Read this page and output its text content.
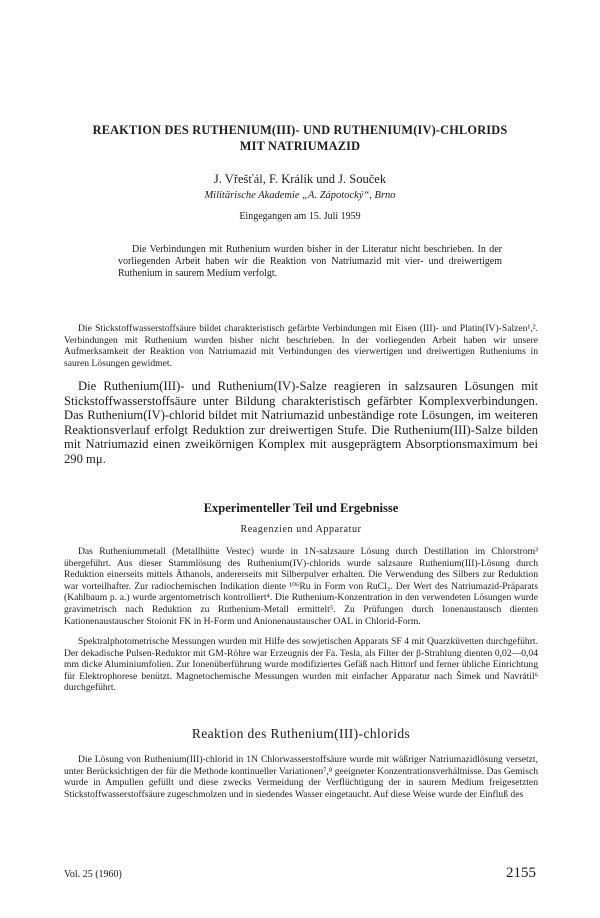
REAKTION DES RUTHENIUM(III)- UND RUTHENIUM(IV)-CHLORIDS
MIT NATRIUMAZID
J. Vřešťál, F. Králík und J. Souček
Militärische Akademie „A. Zápotocký“, Brno
Eingegangen am 15. Juli 1959

Die Verbindungen mit Ruthenium wurden bisher in der Literatur nicht beschrieben. In der vorliegenden Arbeit haben wir die Reaktion von Natriumazid mit vier- und dreiwertigem Ruthenium in saurem Medium verfolgt.

Die Stickstoffwasserstoffsäure bildet charakteristisch gefärbte Verbindungen mit Eisen (III)- und Platin(IV)-Salzen¹,². Verbindungen mit Ruthenium wurden bisher nicht beschrieben. In der vorliegenden Arbeit haben wir unsere Aufmerksamkeit der Reaktion von Natriumazid mit Verbindungen des vierwertigen und dreiwertigen Rutheniums in sauren Lösungen gewidmet.

Die Ruthenium(III)- und Ruthenium(IV)-Salze reagieren in salzsauren Lösungen mit Stickstoffwasserstoffsäure unter Bildung charakteristisch gefärbter Komplexverbindungen. Das Ruthenium(IV)-chlorid bildet mit Natriumazid unbeständige rote Lösungen, im weiteren Reaktionsverlauf erfolgt Reduktion zur dreiwertigen Stufe. Die Ruthenium(III)-Salze bilden mit Natriumazid einen zweikörnigen Komplex mit ausgeprägtem Absorptionsmaximum bei 290 mμ.

Experimenteller Teil und Ergebnisse
Reagenzien und Apparatur

Das Rutheniummetall (Metallhütte Vestec) wurde in 1N-salzsaure Lösung durch Destillation im Chlorstrom³ übergeführt. Aus dieser Stammlösung des Ruthenium(IV)-chlorids wurde salzsaure Ruthenium(III)-Lösung durch Reduktion einerseits mittels Äthanols, andererseits mit Silberpulver erhalten. Die Verwendung des Silbers zur Reduktion war vorteilhafter. Zur radiochemischen Indikation diente ¹⁰⁶Ru in Form von RuCl₃. Der Wert des Natriumazid-Präparats (Kahlbaum p. a.) wurde argentometrisch kontrolliert⁴. Die Ruthenium-Konzentration in den verwendeten Lösungen wurde gravimetrisch nach Reduktion zu Ruthenium-Metall ermittelt⁵. Zu Prüfungen durch Ionenaustausch dienten Kationenaustauscher Stoionit FK in H-Form und Anionenaustauscher OAL in Chlorid-Form.

Spektralphotometrische Messungen wurden mit Hilfe des sowjetischen Apparats SF 4 mit Quarzküvetten durchgeführt. Der dekadische Pulsen-Reduktor mit GM-Röhre war Erzeugnis der Fa. Tesla, als Filter der β-Strahlung dienten 0,02—0,04 mm dicke Aluminiumfolien. Zur Ionenüberführung wurde modifiziertes Gefäß nach Hittorf und ferner übliche Einrichtung für Elektrophorese benützt. Magnetochemische Messungen wurden mit einfacher Apparatur nach Šimek und Navrátil⁶ durchgeführt.

Reaktion des Ruthenium(III)-chlorids

Die Lösung von Ruthenium(III)-chlorid in 1N Chlorwasserstoffsäure wurde mit wäßriger Natriumazidlösung versetzt, unter Berücksichtigen der für die Methode kontinueller Variationen⁷,⁸ geeigneter Konzentrationsverhältnisse. Das Gemisch wurde in Ampullen gefüllt und diese zwecks Vermeidung der Verflüchtigung der in saurem Medium freigesetzten Stickstoffwasserstoffsäure zugeschmolzen und in siedendes Wasser eingetaucht. Auf diese Weise wurde der Einfluß des

Vol. 25 (1960)	2155
